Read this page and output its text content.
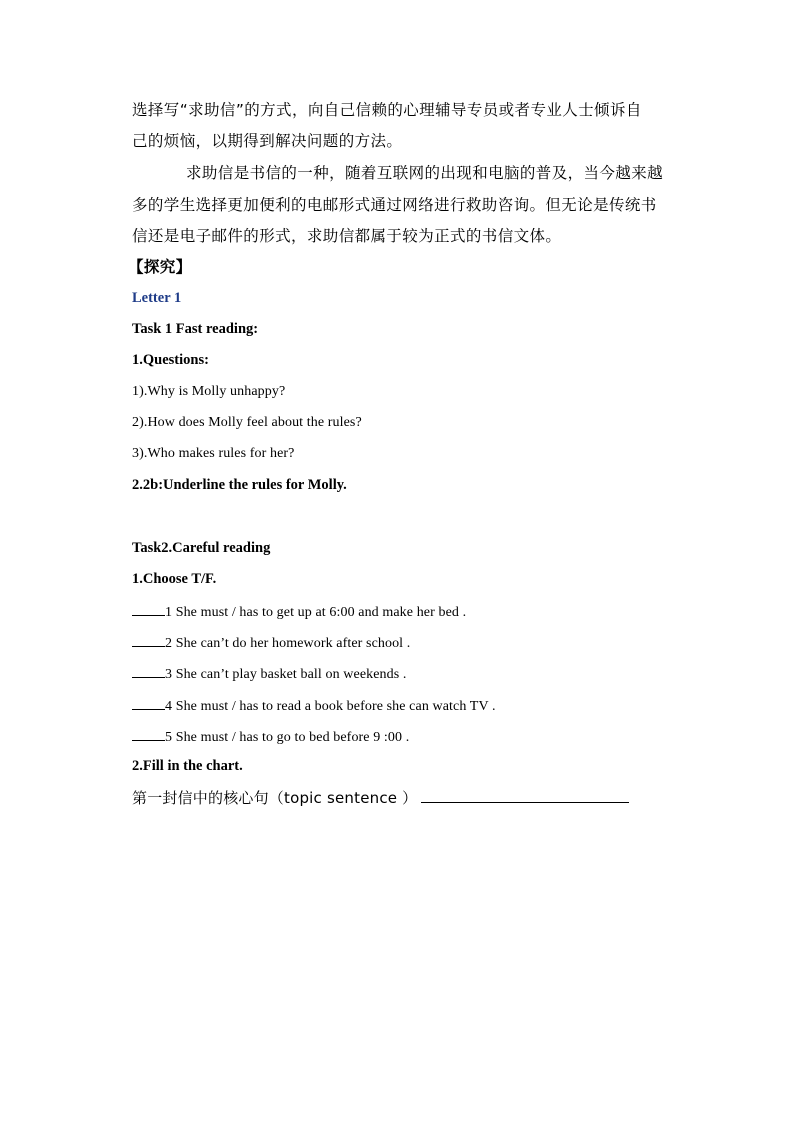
选择写“求助信”的方式，向自己信赖的心理辅导专员或者专业人士倾诉自
己的烦恼，以期得到解决问题的方法。
求助信是书信的一种，随着互联网的出现和电脑的普及，当今越来越
多的学生选择更加便利的电邮形式通过网络进行救助咨询。但无论是传统书
信还是电子邮件的形式，求助信都属于较为正式的书信文体。
【探究】
Letter 1
Task 1 Fast reading:
1.Questions:
1).Why is Molly unhappy?
2).How does Molly feel about the rules?
3).Who makes rules for her?
2.2b:Underline the rules for Molly.
Task2.Careful reading
1.Choose T/F.
1 She must / has to get up at 6:00 and make her bed .
2 She can’t do her homework after school .
3 She can’t play basket ball on weekends .
4 She must / has to read a book before she can watch TV .
5 She must / has to go to bed before 9 :00 .
2.Fill in the chart.
第一封信中的核心句（topic sentence ）
